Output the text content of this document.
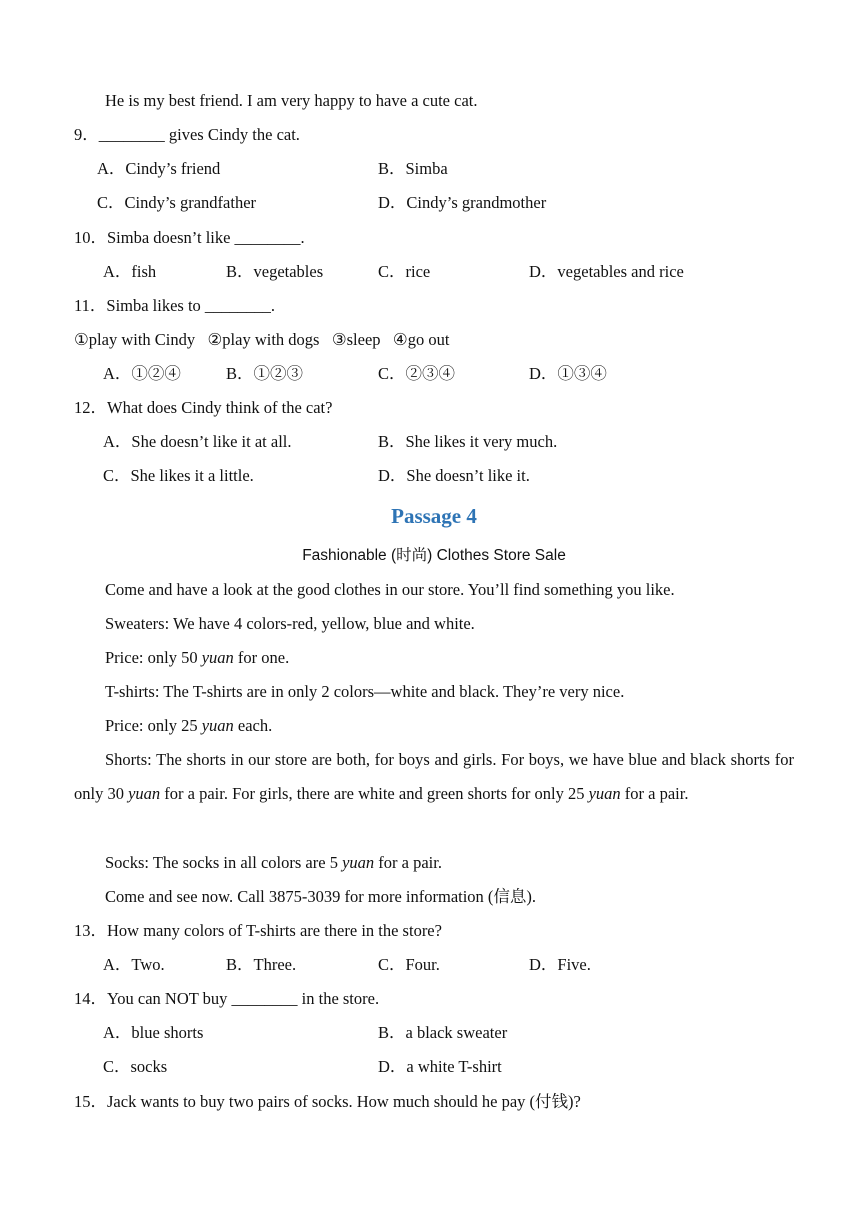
He is my best friend. I am very happy to have a cute cat.
9．________ gives Cindy the cat.
A．Cindy’s friend	B．Simba
C．Cindy’s grandfather	D．Cindy’s grandmother
10．Simba doesn’t like ________.
A．fish	B．vegetables	C．rice	D．vegetables and rice
11．Simba likes to ________.
①play with Cindy   ②play with dogs   ③sleep   ④go out
A．①②④	B．①②③	C．②③④	D．①③④
12．What does Cindy think of the cat?
A．She doesn’t like it at all.	B．She likes it very much.
C．She likes it a little.	D．She doesn’t like it.
Passage 4
Fashionable (时尚) Clothes Store Sale
Come and have a look at the good clothes in our store. You’ll find something you like.
Sweaters: We have 4 colors-red, yellow, blue and white.
Price: only 50 yuan for one.
T-shirts: The T-shirts are in only 2 colors—white and black. They’re very nice.
Price: only 25 yuan each.
Shorts: The shorts in our store are both, for boys and girls. For boys, we have blue and black shorts for only 30 yuan for a pair. For girls, there are white and green shorts for only 25 yuan for a pair.
Socks: The socks in all colors are 5 yuan for a pair.
Come and see now. Call 3875-3039 for more information (信息).
13．How many colors of T-shirts are there in the store?
A．Two.	B．Three.	C．Four.	D．Five.
14．You can NOT buy ________ in the store.
A．blue shorts	B．a black sweater
C．socks	D．a white T-shirt
15．Jack wants to buy two pairs of socks. How much should he pay (付钱)?
